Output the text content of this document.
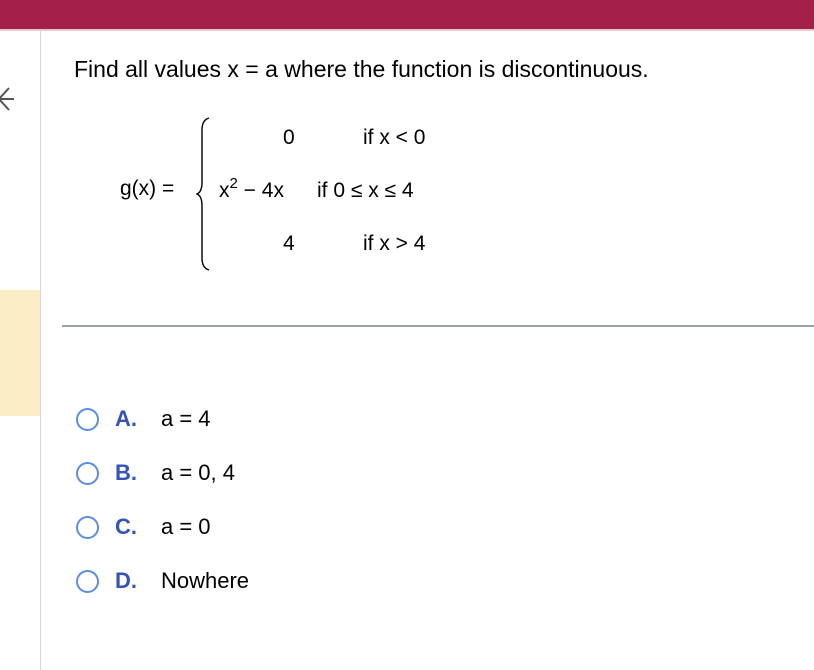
Find all values x = a where the function is discontinuous.
g(x) =
0	if x < 0
$x^2 - 4x$ if 0 ≤ x ≤ 4
4	if x > 4
A.	a = 4
B.	a = 0, 4
C.	a = 0
D.	Nowhere
